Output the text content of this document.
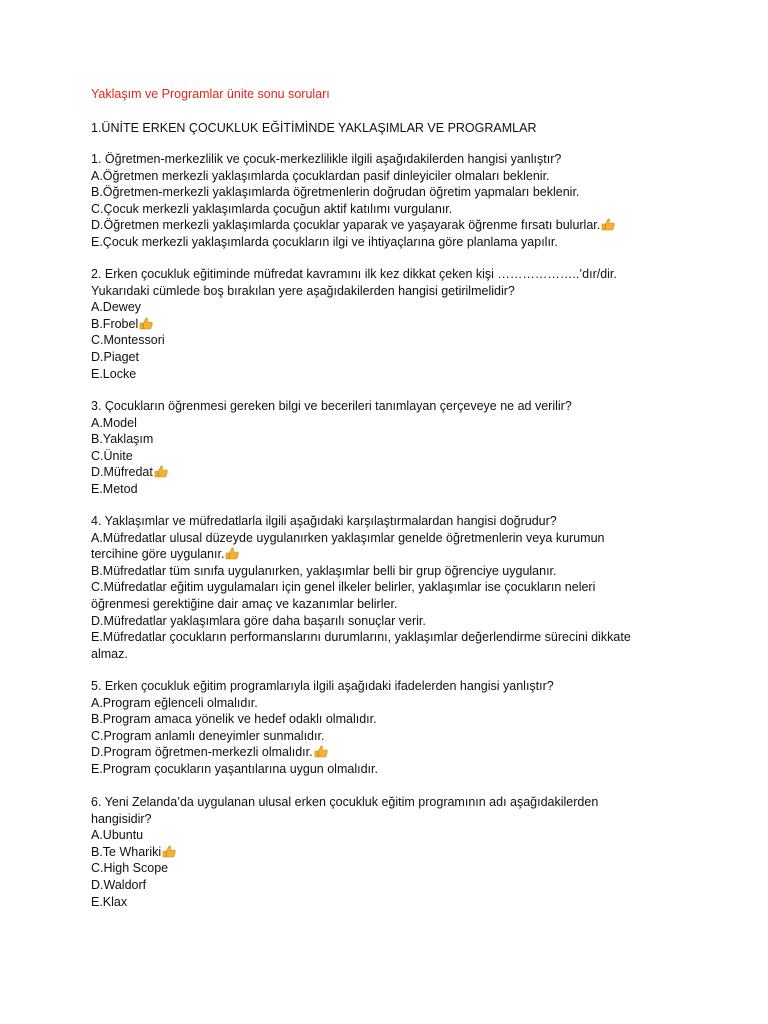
Yaklaşım ve Programlar ünite sonu soruları
1.ÜNİTE ERKEN ÇOCUKLUK EĞİTİMİNDE YAKLAŞIMLAR VE PROGRAMLAR
1. Öğretmen-merkezlilik ve çocuk-merkezlilikle ilgili aşağıdakilerden hangisi yanlıştır?
A.Öğretmen merkezli yaklaşımlarda çocuklardan pasif dinleyiciler olmaları beklenir.
B.Öğretmen-merkezli yaklaşımlarda öğretmenlerin doğrudan öğretim yapmaları beklenir.
C.Çocuk merkezli yaklaşımlarda çocuğun aktif katılımı vurgulanır.
D.Öğretmen merkezli yaklaşımlarda çocuklar yaparak ve yaşayarak öğrenme fırsatı bulurlar.
E.Çocuk merkezli yaklaşımlarda çocukların ilgi ve ihtiyaçlarına göre planlama yapılır.
2. Erken çocukluk eğitiminde müfredat kavramını ilk kez dikkat çeken kişi ………………..’dır/dir.
Yukarıdaki cümlede boş bırakılan yere aşağıdakilerden hangisi getirilmelidir?
A.Dewey
B.Frobel
C.Montessori
D.Piaget
E.Locke
3. Çocukların öğrenmesi gereken bilgi ve becerileri tanımlayan çerçeveye ne ad verilir?
A.Model
B.Yaklaşım
C.Ünite
D.Müfredat
E.Metod
4. Yaklaşımlar ve müfredatlarla ilgili aşağıdaki karşılaştırmalardan hangisi doğrudur?
A.Müfredatlar ulusal düzeyde uygulanırken yaklaşımlar genelde öğretmenlerin veya kurumun
tercihine göre uygulanır.
B.Müfredatlar tüm sınıfa uygulanırken, yaklaşımlar belli bir grup öğrenciye uygulanır.
C.Müfredatlar eğitim uygulamaları için genel ilkeler belirler, yaklaşımlar ise çocukların neleri
öğrenmesi gerektiğine dair amaç ve kazanımlar belirler.
D.Müfredatlar yaklaşımlara göre daha başarılı sonuçlar verir.
E.Müfredatlar çocukların performanslarını durumlarını, yaklaşımlar değerlendirme sürecini dikkate
almaz.
5. Erken çocukluk eğitim programlarıyla ilgili aşağıdaki ifadelerden hangisi yanlıştır?
A.Program eğlenceli olmalıdır.
B.Program amaca yönelik ve hedef odaklı olmalıdır.
C.Program anlamlı deneyimler sunmalıdır.
D.Program öğretmen-merkezli olmalıdır.
E.Program çocukların yaşantılarına uygun olmalıdır.
6. Yeni Zelanda’da uygulanan ulusal erken çocukluk eğitim programının adı aşağıdakilerden
hangisidir?
A.Ubuntu
B.Te Whariki
C.High Scope
D.Waldorf
E.Klax
